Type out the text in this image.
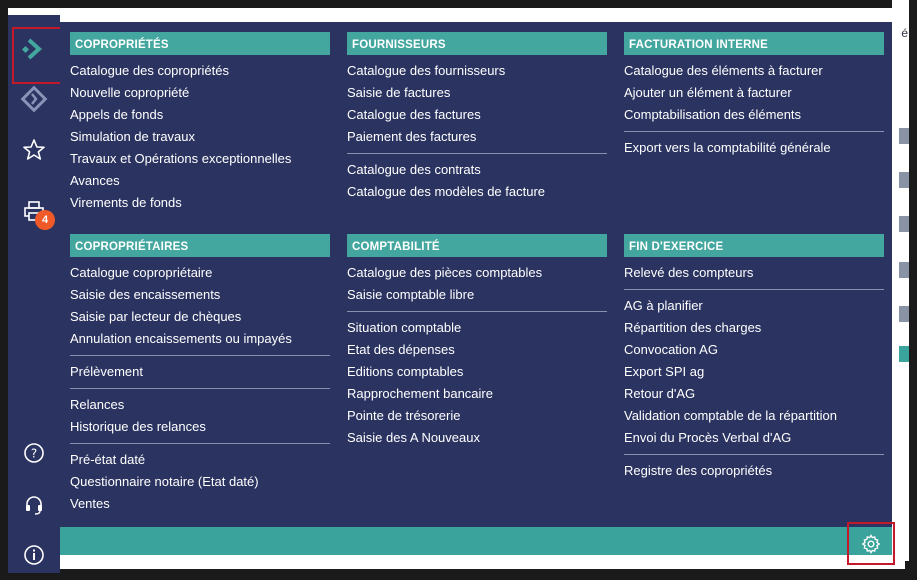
é
?
4
COPROPRIÉTÉS
Catalogue des copropriétés
Nouvelle copropriété
Appels de fonds
Simulation de travaux
Travaux et Opérations exceptionnelles
Avances
Virements de fonds
FOURNISSEURS
Catalogue des fournisseurs
Saisie de factures
Catalogue des factures
Paiement des factures
Catalogue des contrats
Catalogue des modèles de facture
FACTURATION INTERNE
Catalogue des éléments à facturer
Ajouter un élément à facturer
Comptabilisation des éléments
Export vers la comptabilité générale
COPROPRIÉTAIRES
Catalogue copropriétaire
Saisie des encaissements
Saisie par lecteur de chèques
Annulation encaissements ou impayés
Prélèvement
Relances
Historique des relances
Pré-état daté
Questionnaire notaire (Etat daté)
Ventes
COMPTABILITÉ
Catalogue des pièces comptables
Saisie comptable libre
Situation comptable
Etat des dépenses
Editions comptables
Rapprochement bancaire
Pointe de trésorerie
Saisie des A Nouveaux
FIN D'EXERCICE
Relevé des compteurs
AG à planifier
Répartition des charges
Convocation AG
Export SPI ag
Retour d'AG
Validation comptable de la répartition
Envoi du Procès Verbal d'AG
Registre des copropriétés
